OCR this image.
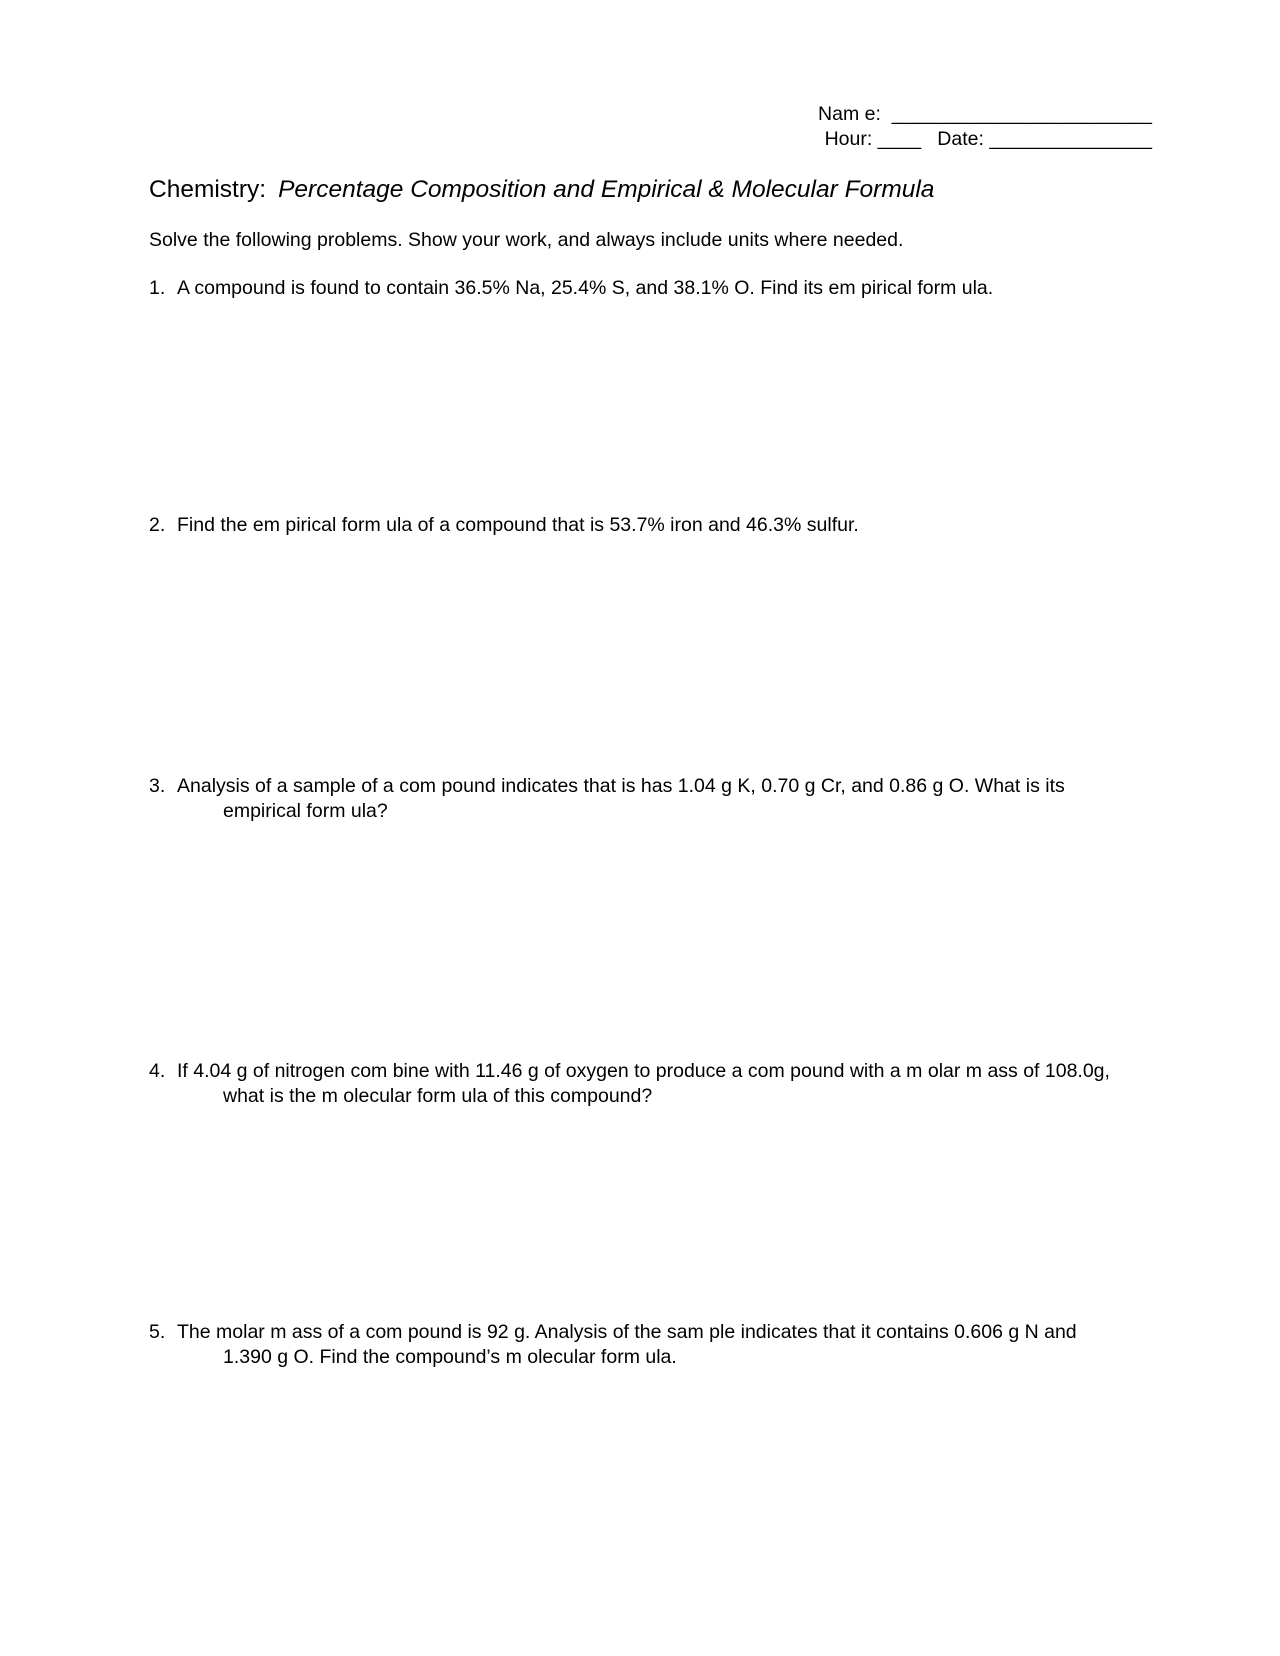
Nam e:  ________________________
Hour: ____   Date: _______________
Chemistry: Percentage Composition and Empirical & Molecular Formula
Solve the following problems. Show your work, and always include units where needed.
1. A compound is found to contain 36.5% Na, 25.4% S, and 38.1% O. Find its em pirical form ula.
2. Find the em pirical form ula of a compound that is 53.7% iron and 46.3% sulfur.
3. Analysis of a sample of a com pound indicates that is has 1.04 g K, 0.70 g Cr, and 0.86 g O. What is its
empirical form ula?
4. If 4.04 g of nitrogen com bine with 11.46 g of oxygen to produce a com pound with a m olar m ass of 108.0g,
what is the m olecular form ula of this compound?
5. The molar m ass of a com pound is 92 g. Analysis of the sam ple indicates that it contains 0.606 g N and
1.390 g O. Find the compound’s m olecular form ula.
